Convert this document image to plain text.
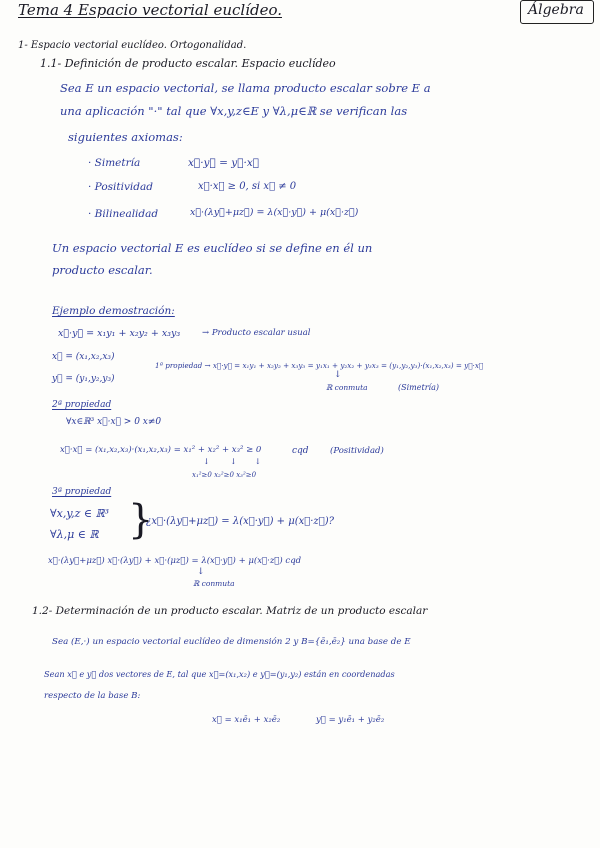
Tema 4 Espacio vectorial euclídeo.	Álgebra
1- Espacio vectorial euclídeo. Ortogonalidad.
1.1- Definición de producto escalar. Espacio euclídeo
Sea E un espacio vectorial, se llama producto escalar sobre E a
una aplicación "·" tal que ∀x,y,z∈E y ∀λ,μ∈ℝ se verifican las
siguientes axiomas:
· Simetría	x⃗·y⃗ = y⃗·x⃗
· Positividad	x⃗·x⃗ ≥ 0, si x⃗ ≠ 0
· Bilinealidad	x⃗·(λy⃗+μz⃗) = λ(x⃗·y⃗) + μ(x⃗·z⃗)
Un espacio vectorial E es euclídeo si se define en él un
producto escalar.
Ejemplo demostración:
x⃗·y⃗ = x₁y₁ + x₂y₂ + x₃y₃	→ Producto escalar usual
x⃗ = (x₁,x₂,x₃)
y⃗ = (y₁,y₂,y₃)
1ª propiedad → x⃗·y⃗ = x₁y₁ + x₂y₂ + x₃y₃ = y₁x₁ + y₂x₂ + y₃x₃ = (y₁,y₂,y₃)·(x₁,x₂,x₃) = y⃗·x⃗
↓
ℝ conmuta	(Simetría)
2ª propiedad
∀x∈ℝ³ x⃗·x⃗ > 0 x≠0
x⃗·x⃗ = (x₁,x₂,x₃)·(x₁,x₂,x₃) = x₁² + x₂² + x₃² ≥ 0	cqd	(Positividad)
↓        ↓       ↓
x₁²≥0 x₂²≥0 x₃²≥0
3ª propiedad
∀x,y,z ∈ ℝ³
∀λ,μ ∈ ℝ }
¿x⃗·(λy⃗+μz⃗) = λ(x⃗·y⃗) + μ(x⃗·z⃗)?
x⃗·(λy⃗+μz⃗) x⃗·(λy⃗) + x⃗·(μz⃗) = λ(x⃗·y⃗) + μ(x⃗·z⃗) cqd
↓
ℝ conmuta
1.2- Determinación de un producto escalar. Matriz de un producto escalar
Sea (E,·) un espacio vectorial euclídeo de dimensión 2 y B={ē₁,ē₂} una base de E
Sean x⃗ e y⃗ dos vectores de E, tal que x⃗=(x₁,x₂) e y⃗=(y₁,y₂) están en coordenadas
respecto de la base B:
x⃗ = x₁ē₁ + x₂ē₂	y⃗ = y₁ē₁ + y₂ē₂
